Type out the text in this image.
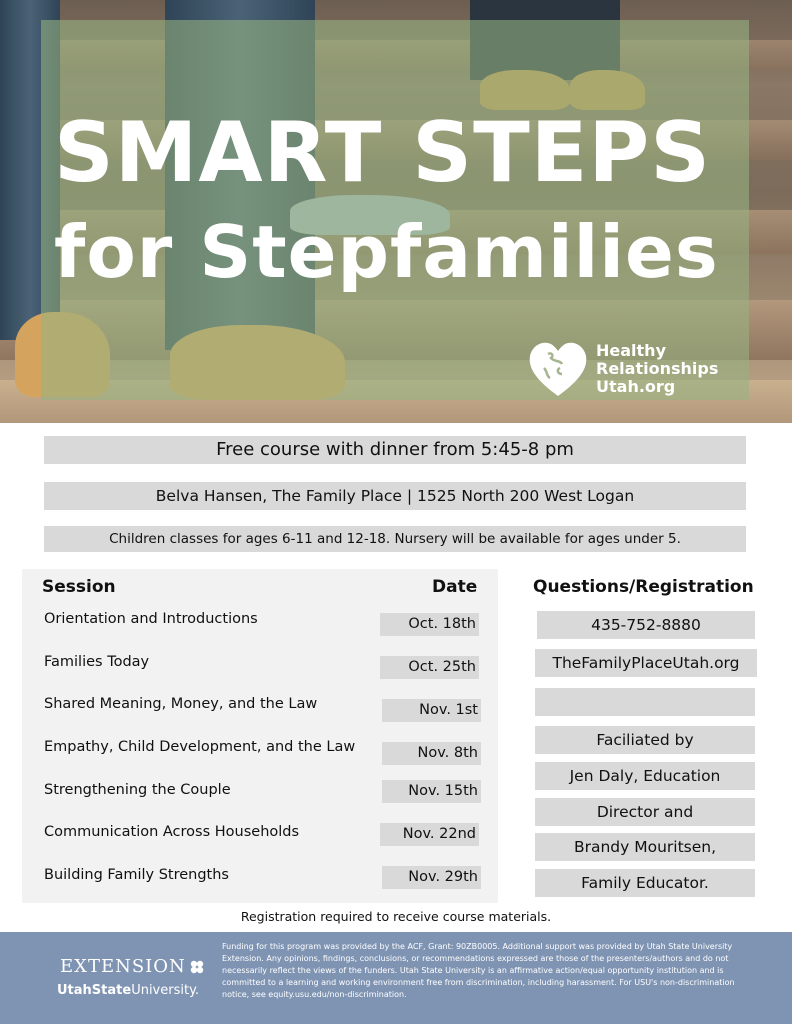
SMART STEPS
for Stepfamilies
Healthy
Relationships
Utah.org
Free course with dinner from 5:45-8 pm
Belva Hansen, The Family Place | 1525 North 200 West Logan
Children classes for ages 6-11 and 12-18. Nursery will be available for ages under 5.
Session	Date
Orientation and Introductions	Oct. 18th
Families Today	Oct. 25th
Shared Meaning, Money, and the Law	Nov. 1st
Empathy, Child Development, and the Law	Nov. 8th
Strengthening the Couple	Nov. 15th
Communication Across Households	Nov. 22nd
Building Family Strengths	Nov. 29th
Questions/Registration
435-752-8880
TheFamilyPlaceUtah.org
Faciliated by
Jen Daly, Education
Director and
Brandy Mouritsen,
Family Educator.
Registration required to receive course materials.
EXTENSION
UtahStateUniversity.
Funding for this program was provided by the ACF, Grant: 90ZB0005. Additional support was provided by Utah State University Extension. Any opinions, findings, conclusions, or recommendations expressed are those of the presenters/authors and do not necessarily reflect the views of the funders. Utah State University is an affirmative action/equal opportunity institution and is committed to a learning and working environment free from discrimination, including harassment. For USU's non-discrimination notice, see equity.usu.edu/non-discrimination.
